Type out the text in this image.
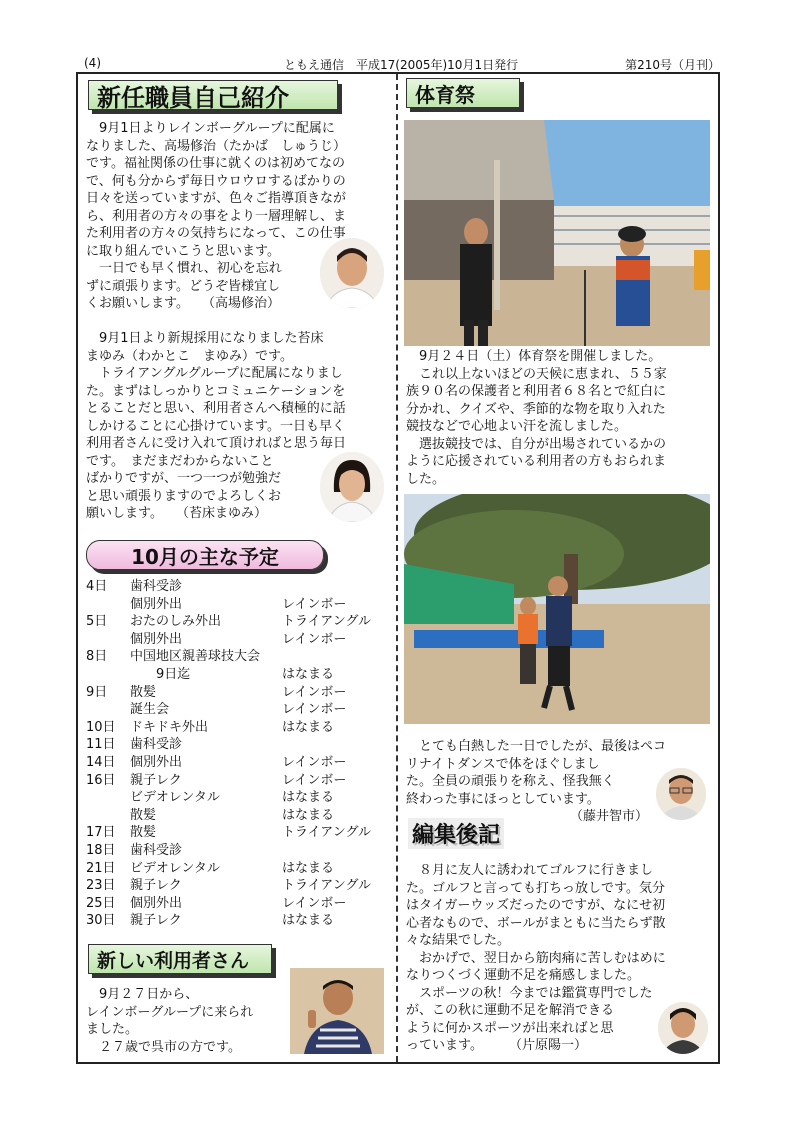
(4)	ともえ通信　平成17(2005年)10月1日発行	第210号（月刊）
新任職員自己紹介
9月1日よりレインボーグループに配属に
なりました、高場修治（たかば　しゅうじ）
です。福祉関係の仕事に就くのは初めてなの
で、何も分からず毎日ウロウロするばかりの
日々を送っていますが、色々ご指導頂きなが
ら、利用者の方々の事をより一層理解し、ま
た利用者の方々の気持ちになって、この仕事
に取り組んでいこうと思います。
一日でも早く慣れ、初心を忘れ
ずに頑張ります。どうぞ皆様宜し
くお願いします。　　（高場修治）
9月1日より新規採用になりました苔床
まゆみ（わかとこ　まゆみ）です。
トライアングルグループに配属になりまし
た。まずはしっかりとコミュニケーションを
とることだと思い、利用者さんへ積極的に話
しかけることに心掛けています。一日も早く
利用者さんに受け入れて頂ければと思う毎日
です。　まだまだわからないこと
ばかりですが、一つ一つが勉強だ
と思い頑張りますのでよろしくお
願いします。　　（苔床まゆみ）
10月の主な予定
4日 歯科受診
個別外出	レインボー
5日 おたのしみ外出	トライアングル
個別外出	レインボー
8日 中国地区親善球技大会
　　9日迄	はなまる
9日 散髪	レインボー
誕生会	レインボー
10日 ドキドキ外出	はなまる
11日 歯科受診
14日 個別外出	レインボー
16日 親子レク	レインボー
ビデオレンタル	はなまる
散髪	はなまる
17日 散髪	トライアングル
18日 歯科受診
21日 ビデオレンタル	はなまる
23日 親子レク	トライアングル
25日 個別外出	レインボー
30日 親子レク	はなまる
新しい利用者さん
9月２７日から、
レインボーグループに来られ
ました。
２７歳で呉市の方です。
体育祭
9月２４日（土）体育祭を開催しました。
これ以上ないほどの天候に恵まれ、５５家
族９０名の保護者と利用者６８名とで紅白に
分かれ、クイズや、季節的な物を取り入れた
競技などで心地よい汗を流しました。
選抜競技では、自分が出場されているかの
ように応援されている利用者の方もおられま
した。
とても白熱した一日でしたが、最後はペコ
リナイトダンスで体をほぐしまし
た。全員の頑張りを称え、怪我無く
終わった事にほっとしています。
（藤井智市）
編集後記
８月に友人に誘われてゴルフに行きまし
た。ゴルフと言っても打ちっ放しです。気分
はタイガーウッズだったのですが、なにせ初
心者なもので、ボールがまともに当たらず散
々な結果でした。
おかげで、翌日から筋肉痛に苦しむはめに
なりつくづく運動不足を痛感しました。
スポーツの秋！今までは鑑賞専門でした
が、この秋に運動不足を解消できる
ように何かスポーツが出来ればと思
っています。　　　（片原陽一）
